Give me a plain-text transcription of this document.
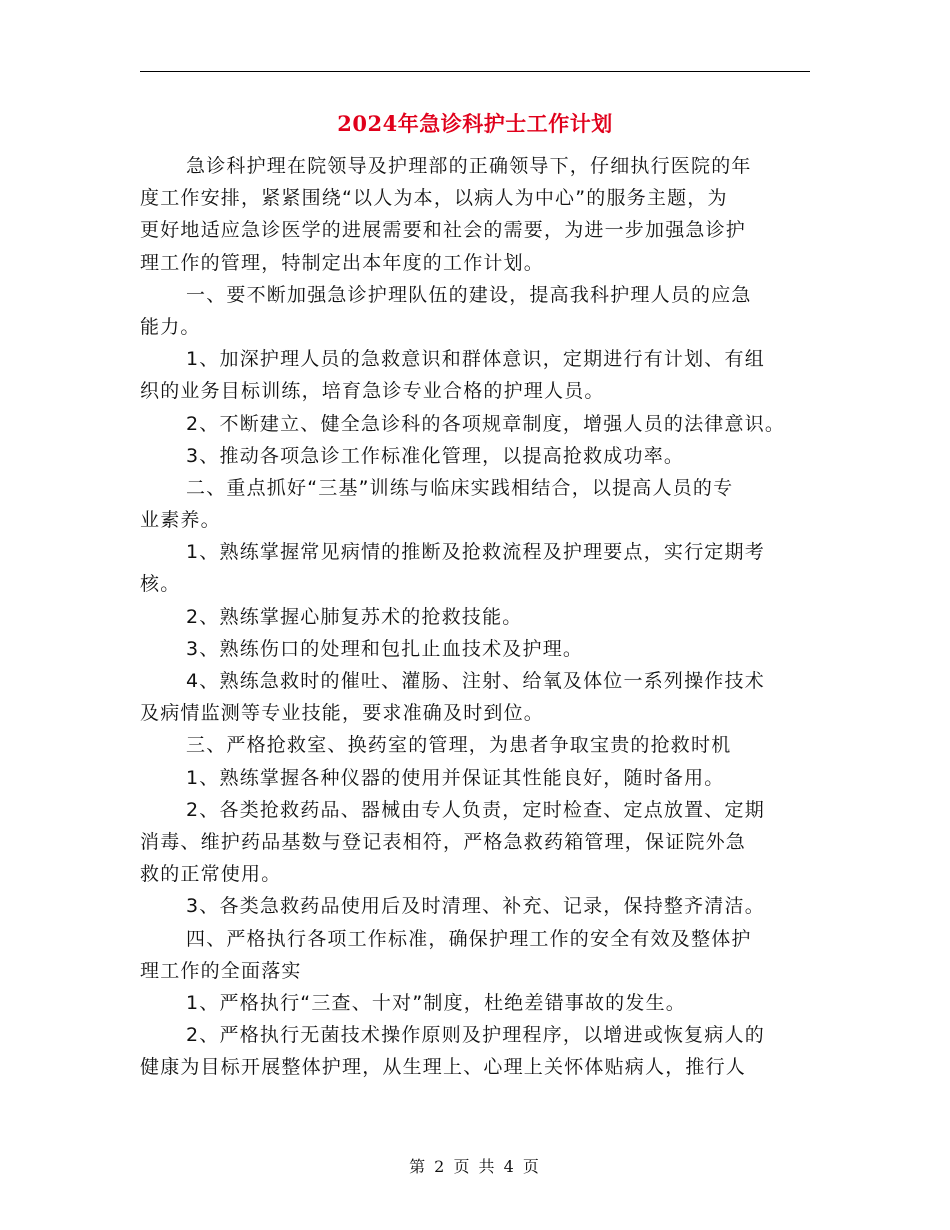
2024年急诊科护士工作计划
急诊科护理在院领导及护理部的正确领导下，仔细执行医院的年
度工作安排，紧紧围绕“以人为本，以病人为中心”的服务主题，为
更好地适应急诊医学的进展需要和社会的需要，为进一步加强急诊护
理工作的管理，特制定出本年度的工作计划。
一、要不断加强急诊护理队伍的建设，提高我科护理人员的应急
能力。
1、加深护理人员的急救意识和群体意识，定期进行有计划、有组
织的业务目标训练，培育急诊专业合格的护理人员。
2、不断建立、健全急诊科的各项规章制度，增强人员的法律意识。
3、推动各项急诊工作标准化管理，以提高抢救成功率。
二、重点抓好“三基”训练与临床实践相结合，以提高人员的专
业素养。
1、熟练掌握常见病情的推断及抢救流程及护理要点，实行定期考
核。
2、熟练掌握心肺复苏术的抢救技能。
3、熟练伤口的处理和包扎止血技术及护理。
4、熟练急救时的催吐、灌肠、注射、给氧及体位一系列操作技术
及病情监测等专业技能，要求准确及时到位。
三、严格抢救室、换药室的管理，为患者争取宝贵的抢救时机
1、熟练掌握各种仪器的使用并保证其性能良好，随时备用。
2、各类抢救药品、器械由专人负责，定时检查、定点放置、定期
消毒、维护药品基数与登记表相符，严格急救药箱管理，保证院外急
救的正常使用。
3、各类急救药品使用后及时清理、补充、记录，保持整齐清洁。
四、严格执行各项工作标准，确保护理工作的安全有效及整体护
理工作的全面落实
1、严格执行“三查、十对”制度，杜绝差错事故的发生。
2、严格执行无菌技术操作原则及护理程序，以增进或恢复病人的
健康为目标开展整体护理，从生理上、心理上关怀体贴病人，推行人
第 2 页 共 4 页
